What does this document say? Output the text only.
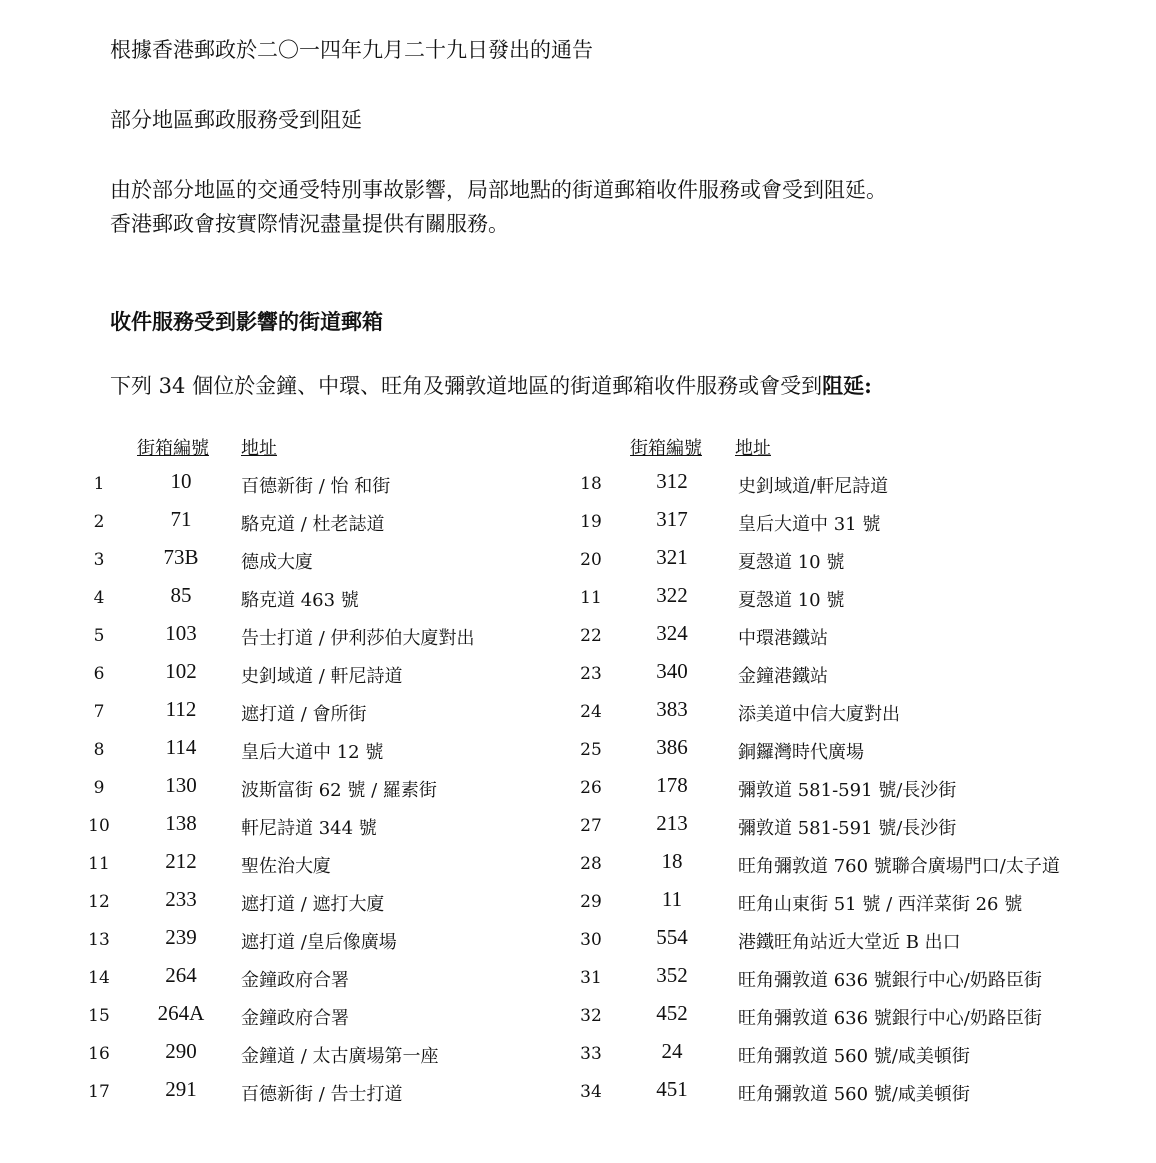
根據香港郵政於二〇一四年九月二十九日發出的通告
部分地區郵政服務受到阻延
由於部分地區的交通受特別事故影響，局部地點的街道郵箱收件服務或會受到阻延。
香港郵政會按實際情況盡量提供有關服務。
收件服務受到影響的街道郵箱
下列 34 個位於金鐘、中環、旺角及彌敦道地區的街道郵箱收件服務或會受到阻延:
街箱編號 地址	街箱編號 地址
1	10	百德新街 / 怡 和街
2	71	駱克道 / 杜老誌道
3	73B	德成大廈
4	85	駱克道 463 號
5	103	告士打道 / 伊利莎伯大廈對出
6	102	史釗域道 / 軒尼詩道
7	112	遮打道 / 會所街
8	114	皇后大道中 12 號
9	130	波斯富街 62 號 / 羅素街
10	138	軒尼詩道 344 號
11	212	聖佐治大廈
12	233	遮打道 / 遮打大廈
13	239	遮打道 /皇后像廣場
14	264	金鐘政府合署
15	264A	金鐘政府合署
16	290	金鐘道 / 太古廣場第一座
17	291	百德新街 / 告士打道
18	312	史釗域道/軒尼詩道
19	317	皇后大道中 31 號
20	321	夏愨道 10 號
11	322	夏愨道 10 號
22	324	中環港鐵站
23	340	金鐘港鐵站
24	383	添美道中信大廈對出
25	386	銅鑼灣時代廣場
26	178	彌敦道 581-591 號/長沙街
27	213	彌敦道 581-591 號/長沙街
28	18	旺角彌敦道 760 號聯合廣場門口/太子道
29	11	旺角山東街 51 號 / 西洋菜街 26 號
30	554	港鐵旺角站近大堂近 B 出口
31	352	旺角彌敦道 636 號銀行中心/奶路臣街
32	452	旺角彌敦道 636 號銀行中心/奶路臣街
33	24	旺角彌敦道 560 號/咸美頓街
34	451	旺角彌敦道 560 號/咸美頓街
